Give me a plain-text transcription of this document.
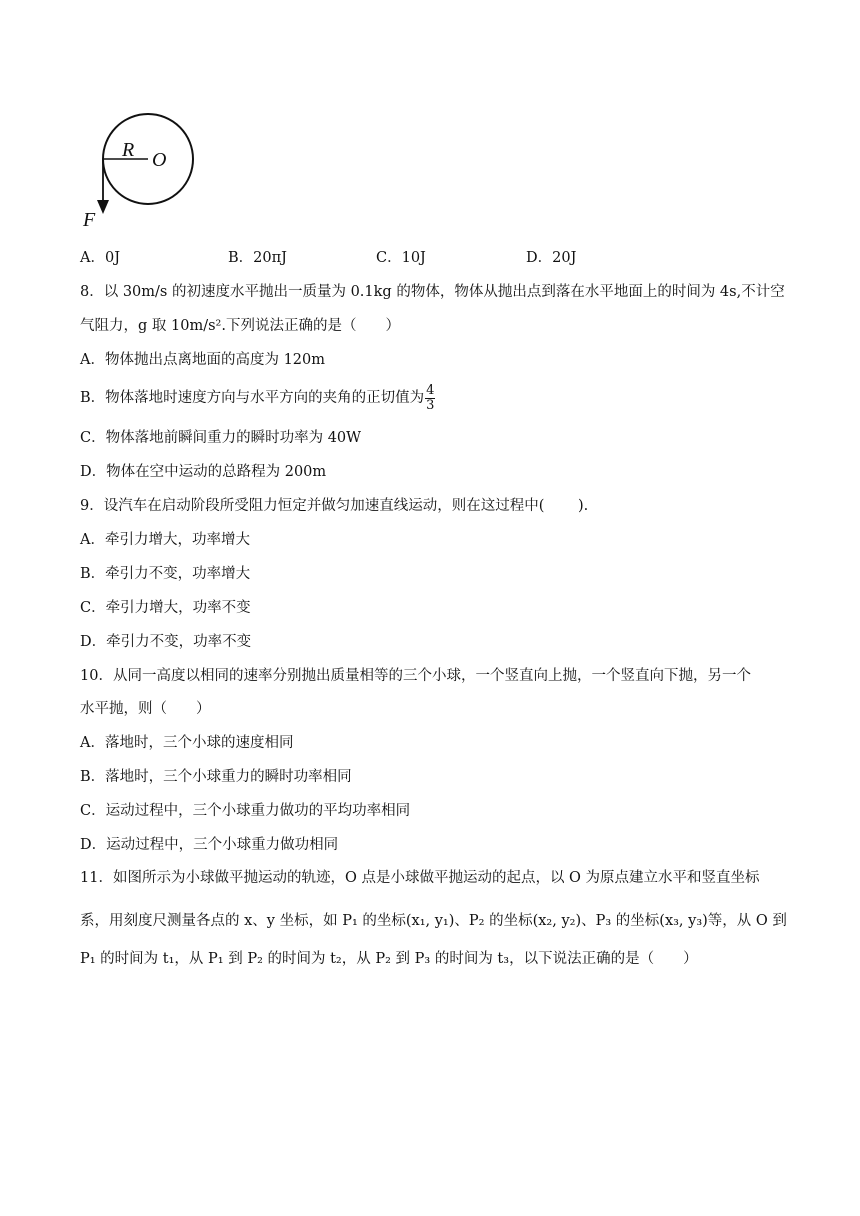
R O
F
A．0J	B．20πJ	C．10J	D．20J
8．以 30m/s 的初速度水平抛出一质量为 0.1kg 的物体，物体从抛出点到落在水平地面上的时间为 4s,不计空
气阻力，g 取 10m/s².下列说法正确的是（　　）
A．物体抛出点离地面的高度为 120m
B．物体落地时速度方向与水平方向的夹角的正切值为 $\frac{4}{3}$
C．物体落地前瞬间重力的瞬时功率为 40W
D．物体在空中运动的总路程为 200m
9．设汽车在启动阶段所受阻力恒定并做匀加速直线运动，则在这过程中(　　 ).
A．牵引力增大，功率增大
B．牵引力不变，功率增大
C．牵引力增大，功率不变
D．牵引力不变，功率不变
10．从同一高度以相同的速率分别抛出质量相等的三个小球，一个竖直向上抛，一个竖直向下抛，另一个
水平抛，则（　　）
A．落地时，三个小球的速度相同
B．落地时，三个小球重力的瞬时功率相同
C．运动过程中，三个小球重力做功的平均功率相同
D．运动过程中，三个小球重力做功相同
11．如图所示为小球做平抛运动的轨迹，O 点是小球做平抛运动的起点，以 O 为原点建立水平和竖直坐标
系，用刻度尺测量各点的 x、y 坐标，如 P₁ 的坐标(x₁, y₁)、P₂ 的坐标(x₂, y₂)、P₃ 的坐标(x₃, y₃)等，从 O 到
P₁ 的时间为 t₁，从 P₁ 到 P₂ 的时间为 t₂，从 P₂ 到 P₃ 的时间为 t₃，以下说法正确的是（　　）
